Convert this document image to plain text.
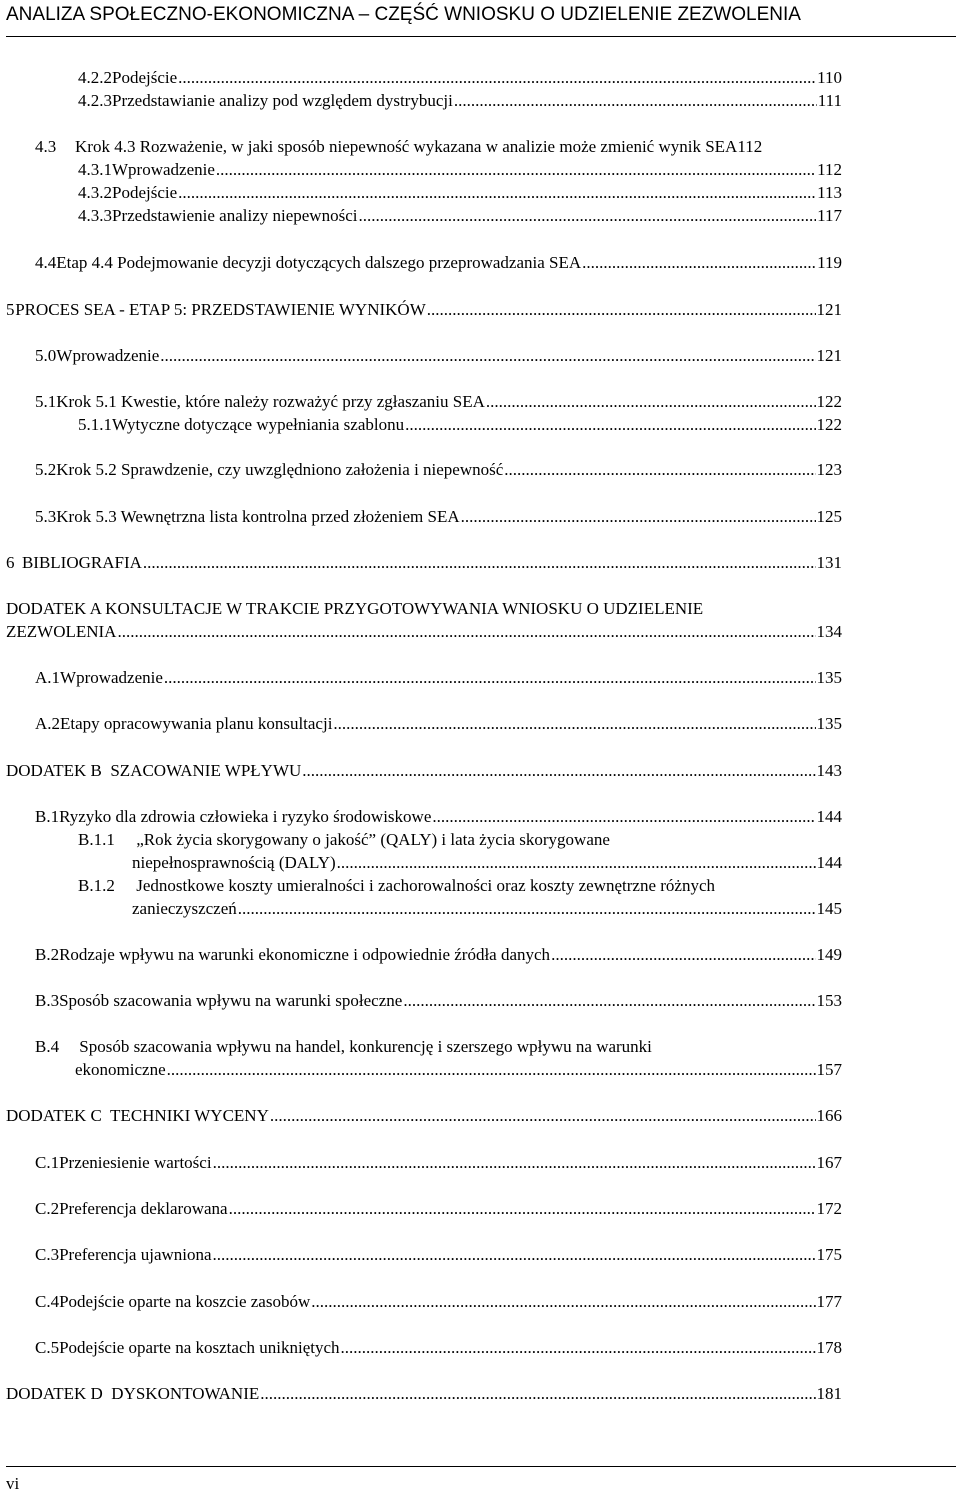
ANALIZA SPOŁECZNO-EKONOMICZNA – CZĘŚĆ WNIOSKU O UDZIELENIE ZEZWOLENIA
4.2.2 Podejście .....	110
4.2.3 Przedstawianie analizy pod względem dystrybucji .....	111
4.3	Krok 4.3 Rozważenie, w jaki sposób niepewność wykazana w analizie może zmienić wynik SEA 112
4.3.1 Wprowadzenie .....	112
4.3.2 Podejście .....	113
4.3.3 Przedstawienie analizy niepewności .....	117
4.4 Etap 4.4 Podejmowanie decyzji dotyczących dalszego przeprowadzania SEA .....	119
5 PROCES SEA - ETAP 5: PRZEDSTAWIENIE WYNIKÓW .....	121
5.0 Wprowadzenie .....	121
5.1 Krok 5.1 Kwestie, które należy rozważyć przy zgłaszaniu SEA .....	122
5.1.1 Wytyczne dotyczące wypełniania szablonu .....	122
5.2 Krok 5.2 Sprawdzenie, czy uwzględniono założenia i niepewność .....	123
5.3 Krok 5.3 Wewnętrzna lista kontrolna przed złożeniem SEA .....	125
6 BIBLIOGRAFIA .....	131
DODATEK A KONSULTACJE W TRAKCIE PRZYGOTOWYWANIA WNIOSKU O UDZIELENIE
ZEZWOLENIA .....	134
A.1 Wprowadzenie .....	135
A.2 Etapy opracowywania planu konsultacji .....	135
DODATEK B  SZACOWANIE WPŁYWU .....	143
B.1 Ryzyko dla zdrowia człowieka i ryzyko środowiskowe .....	144
B.1.1 „Rok życia skorygowany o jakość” (QALY) i lata życia skorygowane
niepełnosprawnością (DALY) .....	144
B.1.2 Jednostkowe koszty umieralności i zachorowalności oraz koszty zewnętrzne różnych
zanieczyszczeń .....	145
B.2 Rodzaje wpływu na warunki ekonomiczne i odpowiednie źródła danych .....	149
B.3 Sposób szacowania wpływu na warunki społeczne .....	153
B.4 Sposób szacowania wpływu na handel, konkurencję i szerszego wpływu na warunki
ekonomiczne .....	157
DODATEK C  TECHNIKI WYCENY .....	166
C.1 Przeniesienie wartości .....	167
C.2 Preferencja deklarowana .....	172
C.3 Preferencja ujawniona .....	175
C.4 Podejście oparte na koszcie zasobów .....	177
C.5 Podejście oparte na kosztach unikniętych .....	178
DODATEK D  DYSKONTOWANIE .....	181
vi
